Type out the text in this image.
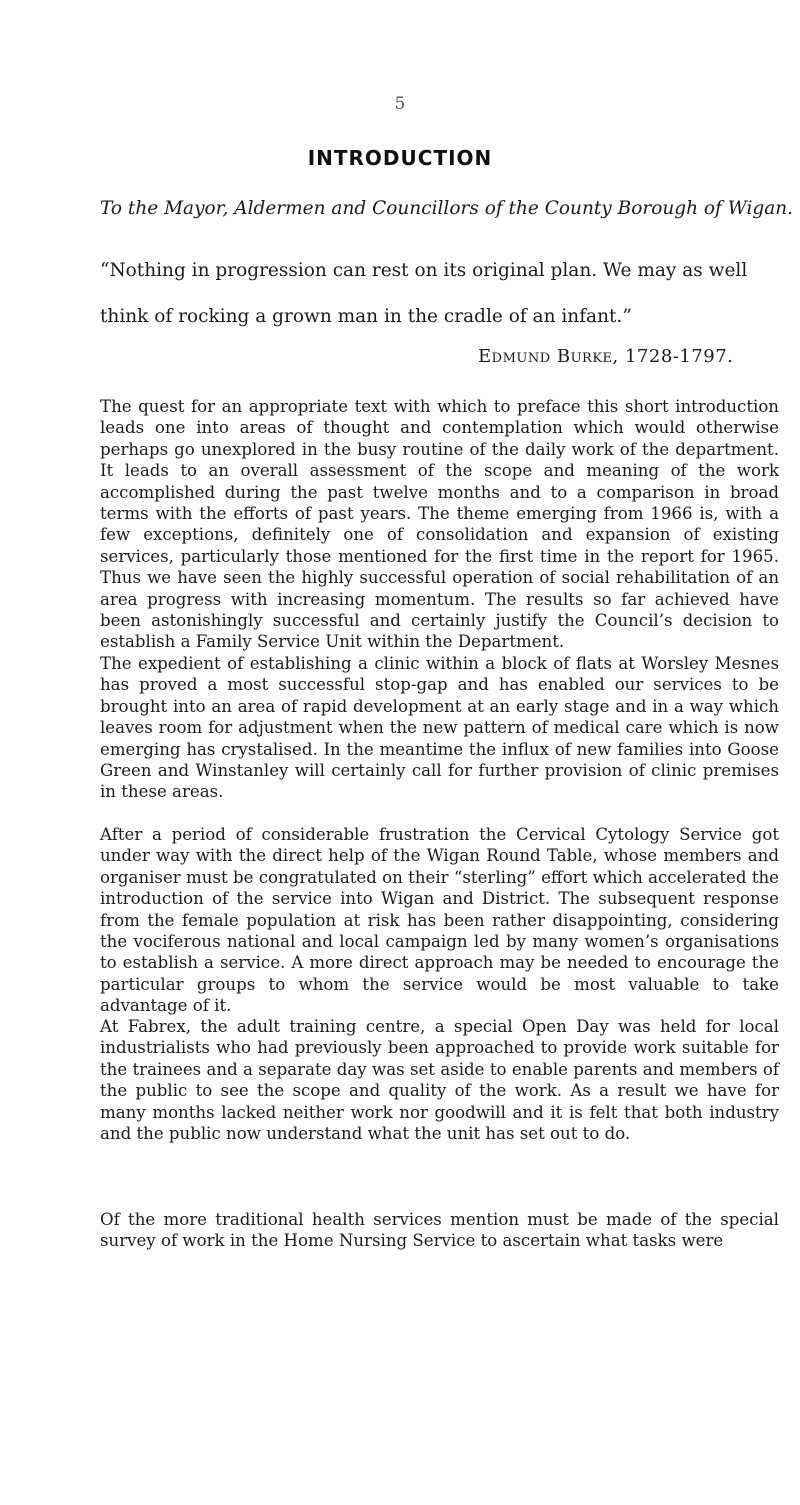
5
INTRODUCTION
To the Mayor, Aldermen and Councillors of the County Borough of Wigan.
“Nothing in progression can rest on its original plan. We may as well
think of rocking a grown man in the cradle of an infant.”
Edmund Burke, 1728-1797.

The quest for an appropriate text with which to preface this short introduction leads one into areas of thought and contemplation which would otherwise perhaps go unexplored in the busy routine of the daily work of the department. It leads to an overall assessment of the scope and meaning of the work accomplished during the past twelve months and to a comparison in broad terms with the efforts of past years. The theme emerging from 1966 is, with a few exceptions, definitely one of consolidation and expansion of existing services, particularly those mentioned for the first time in the report for 1965. Thus we have seen the highly successful operation of social rehabilitation of an area progress with increasing momentum. The results so far achieved have been astonishingly successful and certainly justify the Council’s decision to establish a Family Service Unit within the Department.

The expedient of establishing a clinic within a block of flats at Worsley Mesnes has proved a most successful stop-gap and has enabled our services to be brought into an area of rapid development at an early stage and in a way which leaves room for adjustment when the new pattern of medical care which is now emerging has crystalised. In the meantime the influx of new families into Goose Green and Winstanley will certainly call for further provision of clinic premises in these areas.

After a period of considerable frustration the Cervical Cytology Service got under way with the direct help of the Wigan Round Table, whose members and organiser must be congratulated on their “sterling” effort which accelerated the introduction of the service into Wigan and District. The subsequent response from the female population at risk has been rather disappointing, considering the vociferous national and local campaign led by many women’s organisations to establish a service. A more direct approach may be needed to encourage the particular groups to whom the service would be most valuable to take advantage of it.

At Fabrex, the adult training centre, a special Open Day was held for local industrialists who had previously been approached to provide work suitable for the trainees and a separate day was set aside to enable parents and members of the public to see the scope and quality of the work. As a result we have for many months lacked neither work nor goodwill and it is felt that both industry and the public now understand what the unit has set out to do.

Of the more traditional health services mention must be made of the special survey of work in the Home Nursing Service to ascertain what tasks were
